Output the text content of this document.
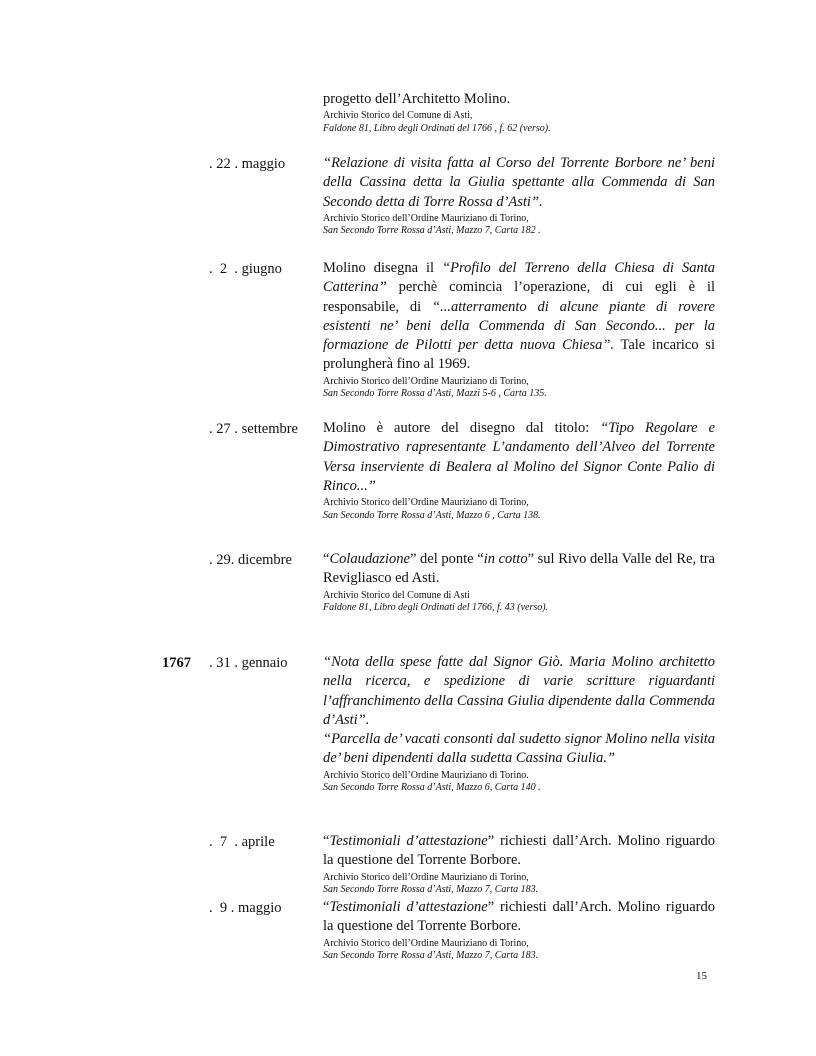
progetto dell’Architetto Molino.
Archivio Storico del Comune di Asti,
Faldone 81, Libro degli Ordinati del 1766 , f. 62 (verso).
. 22 . maggio	“Relazione di visita fatta al Corso del Torrente Borbore ne’ beni della Cassina detta la Giulia spettante alla Commenda di San Secondo detta di Torre Rossa d’Asti”.
Archivio Storico dell’Ordine Mauriziano di Torino,
San Secondo Torre Rossa d’Asti, Mazzo 7, Carta 182 .
.  2  . giugno	Molino disegna il “Profilo del Terreno della Chiesa di Santa Catterina” perchè comincia l’operazione, di cui egli è il responsabile, di “...atterramento di alcune piante di rovere esistenti ne’ beni della Commenda di San Secondo... per la formazione de Pilotti per detta nuova Chiesa”. Tale incarico si prolungherà fino al 1969.
Archivio Storico dell’Ordine Mauriziano di Torino,
San Secondo Torre Rossa d’Asti, Mazzi 5-6 , Carta 135.
. 27 . settembre Molino è autore del disegno dal titolo: “Tipo Regolare e Dimostrativo rapresentante L’andamento dell’Alveo del Torrente Versa inserviente di Bealera al Molino del Signor Conte Palio di Rinco...”
Archivio Storico dell’Ordine Mauriziano di Torino,
San Secondo Torre Rossa d’Asti, Mazzo 6 , Carta 138.
. 29. dicembre “Colaudazione” del ponte “in cotto” sul Rivo della Valle del Re, tra Revigliasco ed Asti.
Archivio Storico del Comune di Asti
Faldone 81, Libro degli Ordinati del 1766, f. 43 (verso).
1767 . 31 . gennaio “Nota della spese fatte dal Signor Giò. Maria Molino architetto nella ricerca, e spedizione di varie scritture riguardanti l’affranchimento della Cassina Giulia dipendente dalla Commenda d’Asti”.
“Parcella de’ vacati consonti dal sudetto signor Molino nella visita de’ beni dipendenti dalla sudetta Cassina Giulia.”
Archivio Storico dell’Ordine Mauriziano di Torino.
San Secondo Torre Rossa d’Asti, Mazzo 6, Carta 140 .
.  7  . aprile	“Testimoniali d’attestazione” richiesti dall’Arch. Molino riguardo la questione del Torrente Borbore.
Archivio Storico dell’Ordine Mauriziano di Torino,
San Secondo Torre Rossa d’Asti, Mazzo 7, Carta 183.
.  9 . maggio	“Testimoniali d’attestazione” richiesti dall’Arch. Molino riguardo la questione del Torrente Borbore.
Archivio Storico dell’Ordine Mauriziano di Torino,
San Secondo Torre Rossa d’Asti, Mazzo 7, Carta 183.
15
